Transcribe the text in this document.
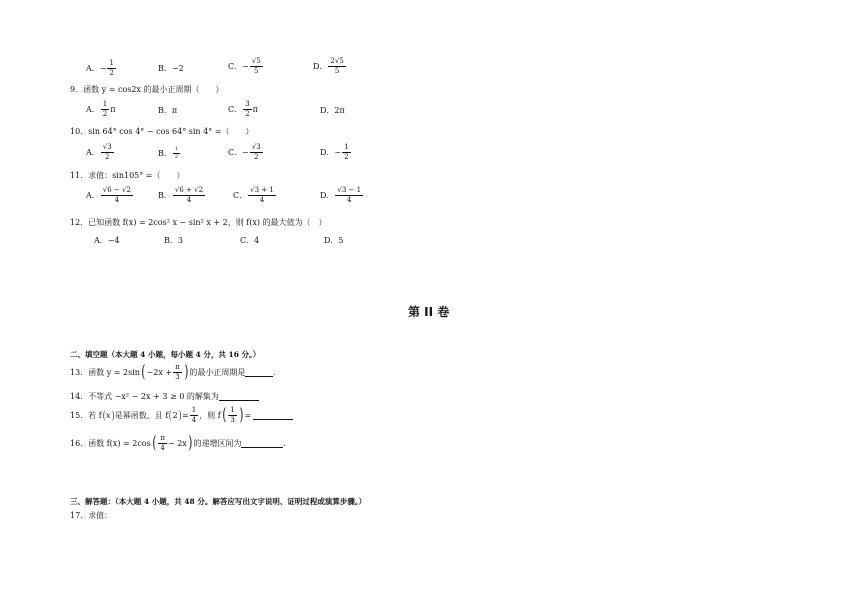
A． − $\frac{1}{2}$	B． −2	C． − $\frac{√5}{5}$	D． $\frac{2√5}{5}$
9．函数 y = cos2x 的最小正周期（　　）
A． $\frac{1}{2}$ π	B． π	C． $\frac{3}{2}$ π	D． 2π
10．sin 64° cos 4° − cos 64° sin 4° =（　　）
A． $\frac{√3}{2}$	B． $\frac{1}{2}$	C． − $\frac{√3}{2}$	D． − $\frac{1}{2}$
11．求值：sin105° =（　　）
A． $\frac{√6 - √2}{4}$	B． $\frac{√6 + √2}{4}$	C． $\frac{√3 + 1}{4}$	D． $\frac{√3 - 1}{4}$
12．已知函数 f(x) = 2cos² x − sin² x + 2，则 f(x) 的最大值为（　）
A．−4	B．3	C．4	D．5
第 II 卷
二、填空题（本大题 4 小题，每小题 4 分，共 16 分。）
13．函数 y = 2sin ( $-2x + \frac{\pi}{3}$ ) 的最小正周期是	.
14．不等式 −x² − 2x + 3 ≥ 0 的解集为
15．若 f ( x ) 是幂函数，且 f ( 2 ) = $\frac{1}{4}$ ，则 f ( $\frac{1}{3}$ ) =
16．函数 f(x) = 2cos ( $\frac{\pi}{4} - 2x$ ) 的递增区间为	.
三、解答题：（本大题 4 小题，共 48 分。解答应写出文字说明、证明过程或演算步骤。）
17．求值：
